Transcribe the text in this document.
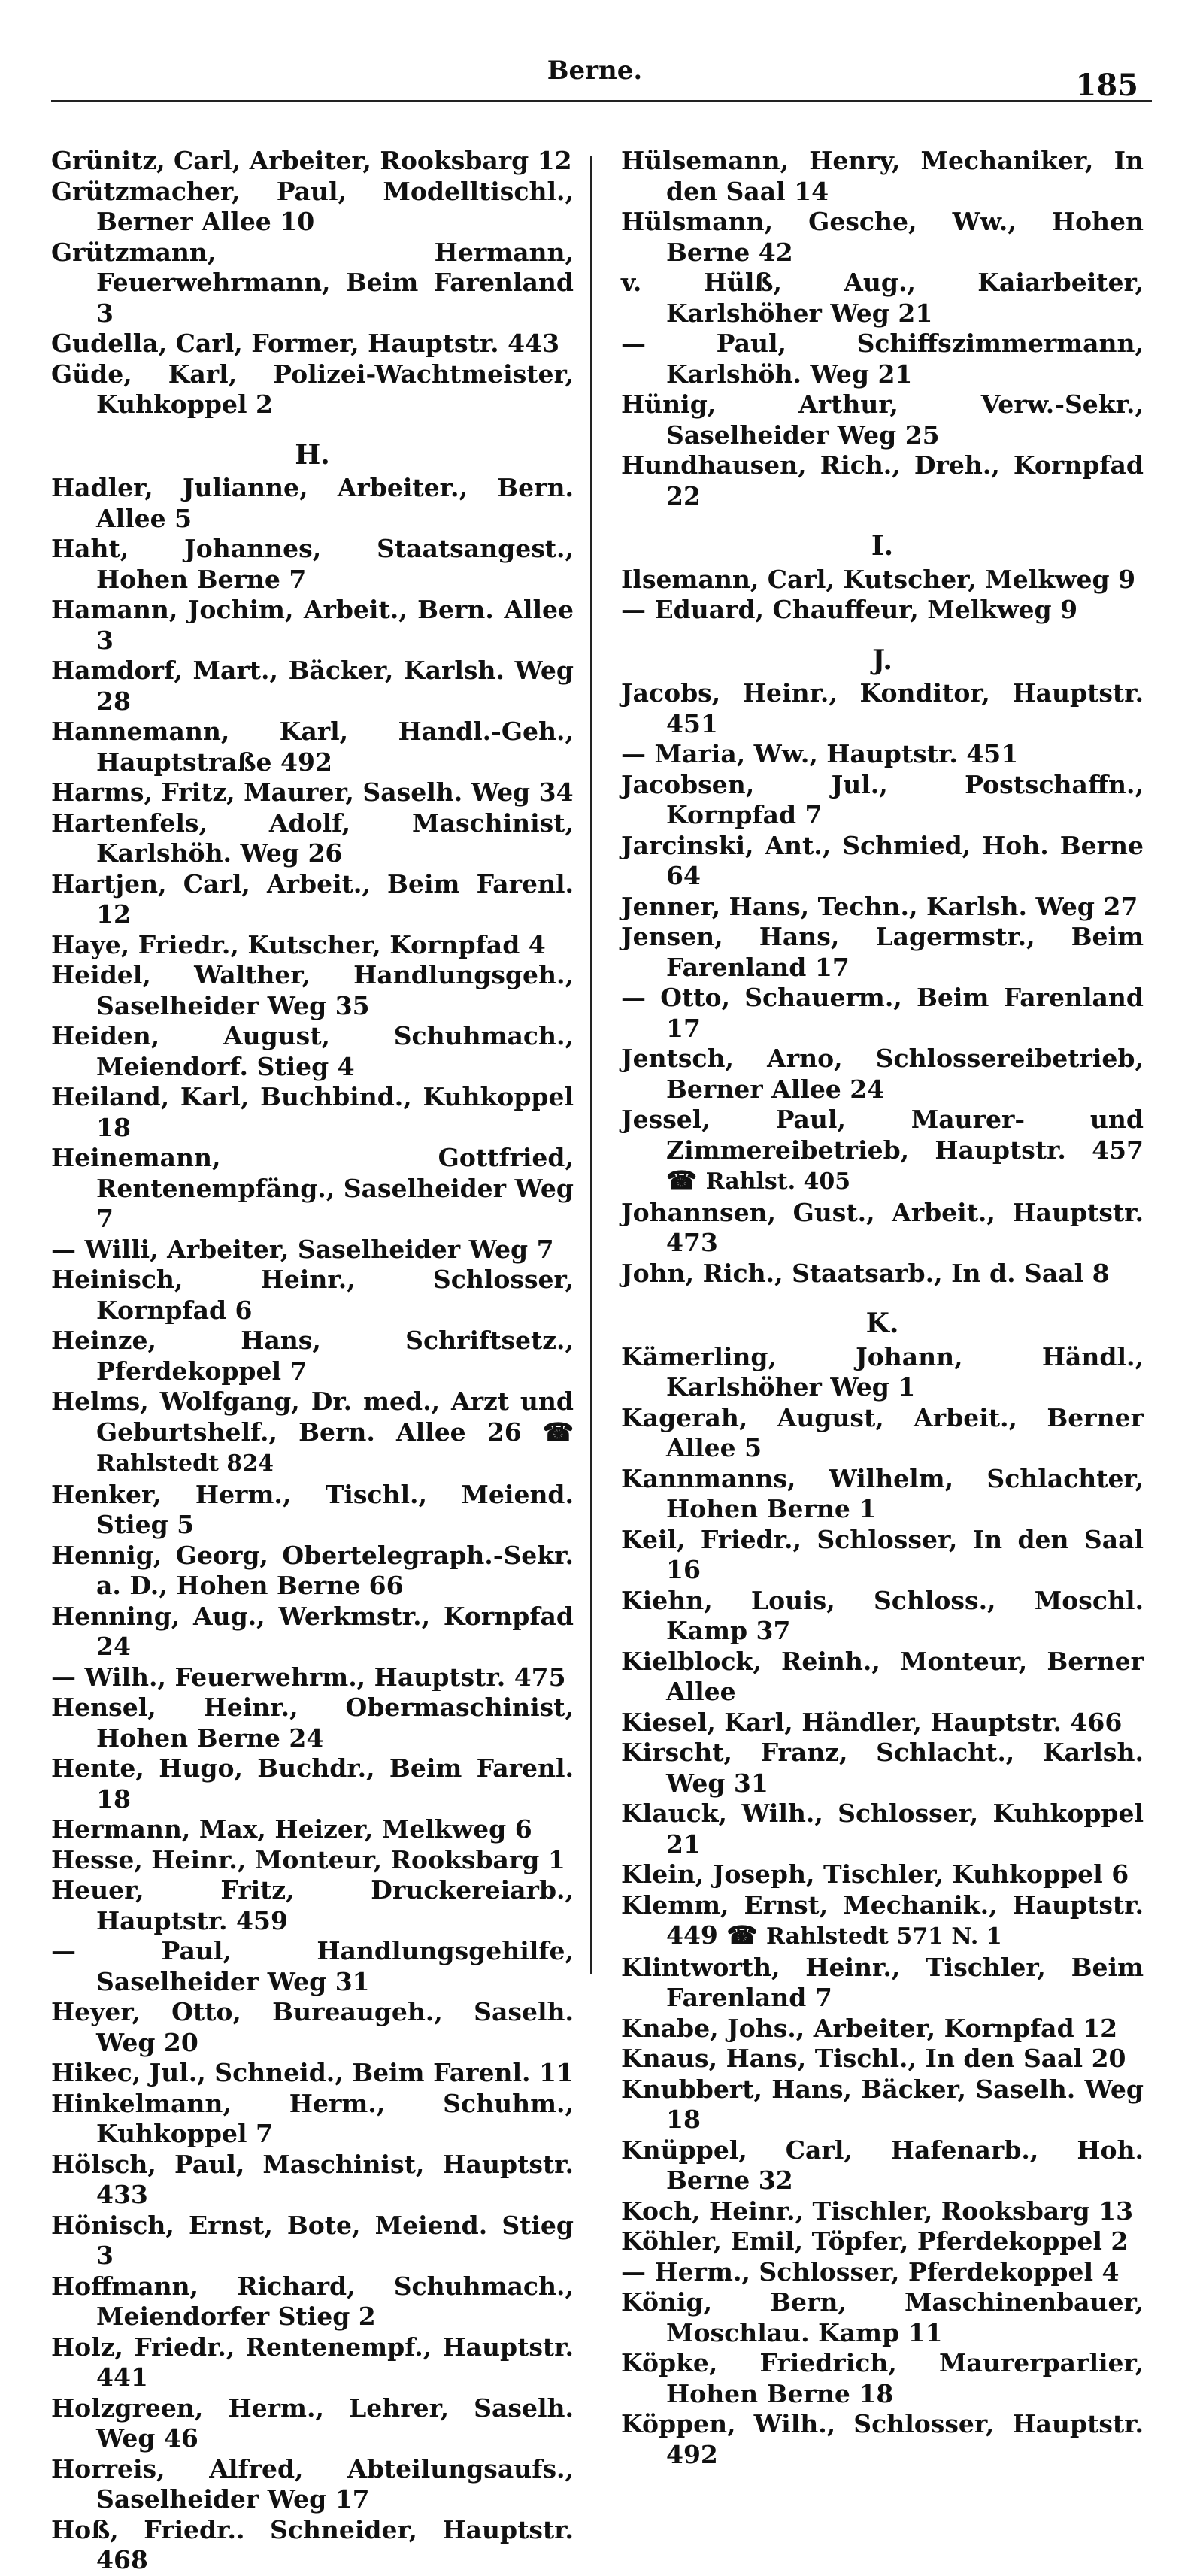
Berne.	185
Grünitz, Carl, Arbeiter, Rooksbarg 12
Grützmacher, Paul, Modelltischl., Berner Allee 10
Grützmann, Hermann, Feuerwehrmann, Beim Farenland 3
Gudella, Carl, Former, Hauptstr. 443
Güde, Karl, Polizei-Wachtmeister, Kuhkoppel 2
H.
Hadler, Julianne, Arbeiter., Bern. Allee 5
Haht, Johannes, Staatsangest., Hohen Berne 7
Hamann, Jochim, Arbeit., Bern. Allee 3
Hamdorf, Mart., Bäcker, Karlsh. Weg 28
Hannemann, Karl, Handl.-Geh., Hauptstraße 492
Harms, Fritz, Maurer, Saselh. Weg 34
Hartenfels, Adolf, Maschinist, Karlshöh. Weg 26
Hartjen, Carl, Arbeit., Beim Farenl. 12
Haye, Friedr., Kutscher, Kornpfad 4
Heidel, Walther, Handlungsgeh., Saselheider Weg 35
Heiden, August, Schuhmach., Meiendorf. Stieg 4
Heiland, Karl, Buchbind., Kuhkoppel 18
Heinemann, Gottfried, Rentenempfäng., Saselheider Weg 7
— Willi, Arbeiter, Saselheider Weg 7
Heinisch, Heinr., Schlosser, Kornpfad 6
Heinze, Hans, Schriftsetz., Pferdekoppel 7
Helms, Wolfgang, Dr. med., Arzt und Geburtshelf., Bern. Allee 26 ☎ Rahlstedt 824
Henker, Herm., Tischl., Meiend. Stieg 5
Hennig, Georg, Obertelegraph.-Sekr. a. D., Hohen Berne 66
Henning, Aug., Werkmstr., Kornpfad 24
— Wilh., Feuerwehrm., Hauptstr. 475
Hensel, Heinr., Obermaschinist, Hohen Berne 24
Hente, Hugo, Buchdr., Beim Farenl. 18
Hermann, Max, Heizer, Melkweg 6
Hesse, Heinr., Monteur, Rooksbarg 1
Heuer, Fritz, Druckereiarb., Hauptstr. 459
— Paul, Handlungsgehilfe, Saselheider Weg 31
Heyer, Otto, Bureaugeh., Saselh. Weg 20
Hikec, Jul., Schneid., Beim Farenl. 11
Hinkelmann, Herm., Schuhm., Kuhkoppel 7
Hölsch, Paul, Maschinist, Hauptstr. 433
Hönisch, Ernst, Bote, Meiend. Stieg 3
Hoffmann, Richard, Schuhmach., Meiendorfer Stieg 2
Holz, Friedr., Rentenempf., Hauptstr. 441
Holzgreen, Herm., Lehrer, Saselh. Weg 46
Horreis, Alfred, Abteilungsaufs., Saselheider Weg 17
Hoß, Friedr.. Schneider, Hauptstr. 468
Hülsemann, Henry, Mechaniker, In den Saal 14
Hülsmann, Gesche, Ww., Hohen Berne 42
v. Hülß, Aug., Kaiarbeiter, Karlshöher Weg 21
— Paul, Schiffszimmermann, Karlshöh. Weg 21
Hünig, Arthur, Verw.-Sekr., Saselheider Weg 25
Hundhausen, Rich., Dreh., Kornpfad 22
I.
Ilsemann, Carl, Kutscher, Melkweg 9
— Eduard, Chauffeur, Melkweg 9
J.
Jacobs, Heinr., Konditor, Hauptstr. 451
— Maria, Ww., Hauptstr. 451
Jacobsen, Jul., Postschaffn., Kornpfad 7
Jarcinski, Ant., Schmied, Hoh. Berne 64
Jenner, Hans, Techn., Karlsh. Weg 27
Jensen, Hans, Lagermstr., Beim Farenland 17
— Otto, Schauerm., Beim Farenland 17
Jentsch, Arno, Schlossereibetrieb, Berner Allee 24
Jessel, Paul, Maurer- und Zimmereibetrieb, Hauptstr. 457 ☎ Rahlst. 405
Johannsen, Gust., Arbeit., Hauptstr. 473
John, Rich., Staatsarb., In d. Saal 8
K.
Kämerling, Johann, Händl., Karlshöher Weg 1
Kagerah, August, Arbeit., Berner Allee 5
Kannmanns, Wilhelm, Schlachter, Hohen Berne 1
Keil, Friedr., Schlosser, In den Saal 16
Kiehn, Louis, Schloss., Moschl. Kamp 37
Kielblock, Reinh., Monteur, Berner Allee
Kiesel, Karl, Händler, Hauptstr. 466
Kirscht, Franz, Schlacht., Karlsh. Weg 31
Klauck, Wilh., Schlosser, Kuhkoppel 21
Klein, Joseph, Tischler, Kuhkoppel 6
Klemm, Ernst, Mechanik., Hauptstr. 449 ☎ Rahlstedt 571 N. 1
Klintworth, Heinr., Tischler, Beim Farenland 7
Knabe, Johs., Arbeiter, Kornpfad 12
Knaus, Hans, Tischl., In den Saal 20
Knubbert, Hans, Bäcker, Saselh. Weg 18
Knüppel, Carl, Hafenarb., Hoh. Berne 32
Koch, Heinr., Tischler, Rooksbarg 13
Köhler, Emil, Töpfer, Pferdekoppel 2
— Herm., Schlosser, Pferdekoppel 4
König, Bern, Maschinenbauer, Moschlau. Kamp 11
Köpke, Friedrich, Maurerparlier, Hohen Berne 18
Köppen, Wilh., Schlosser, Hauptstr. 492
